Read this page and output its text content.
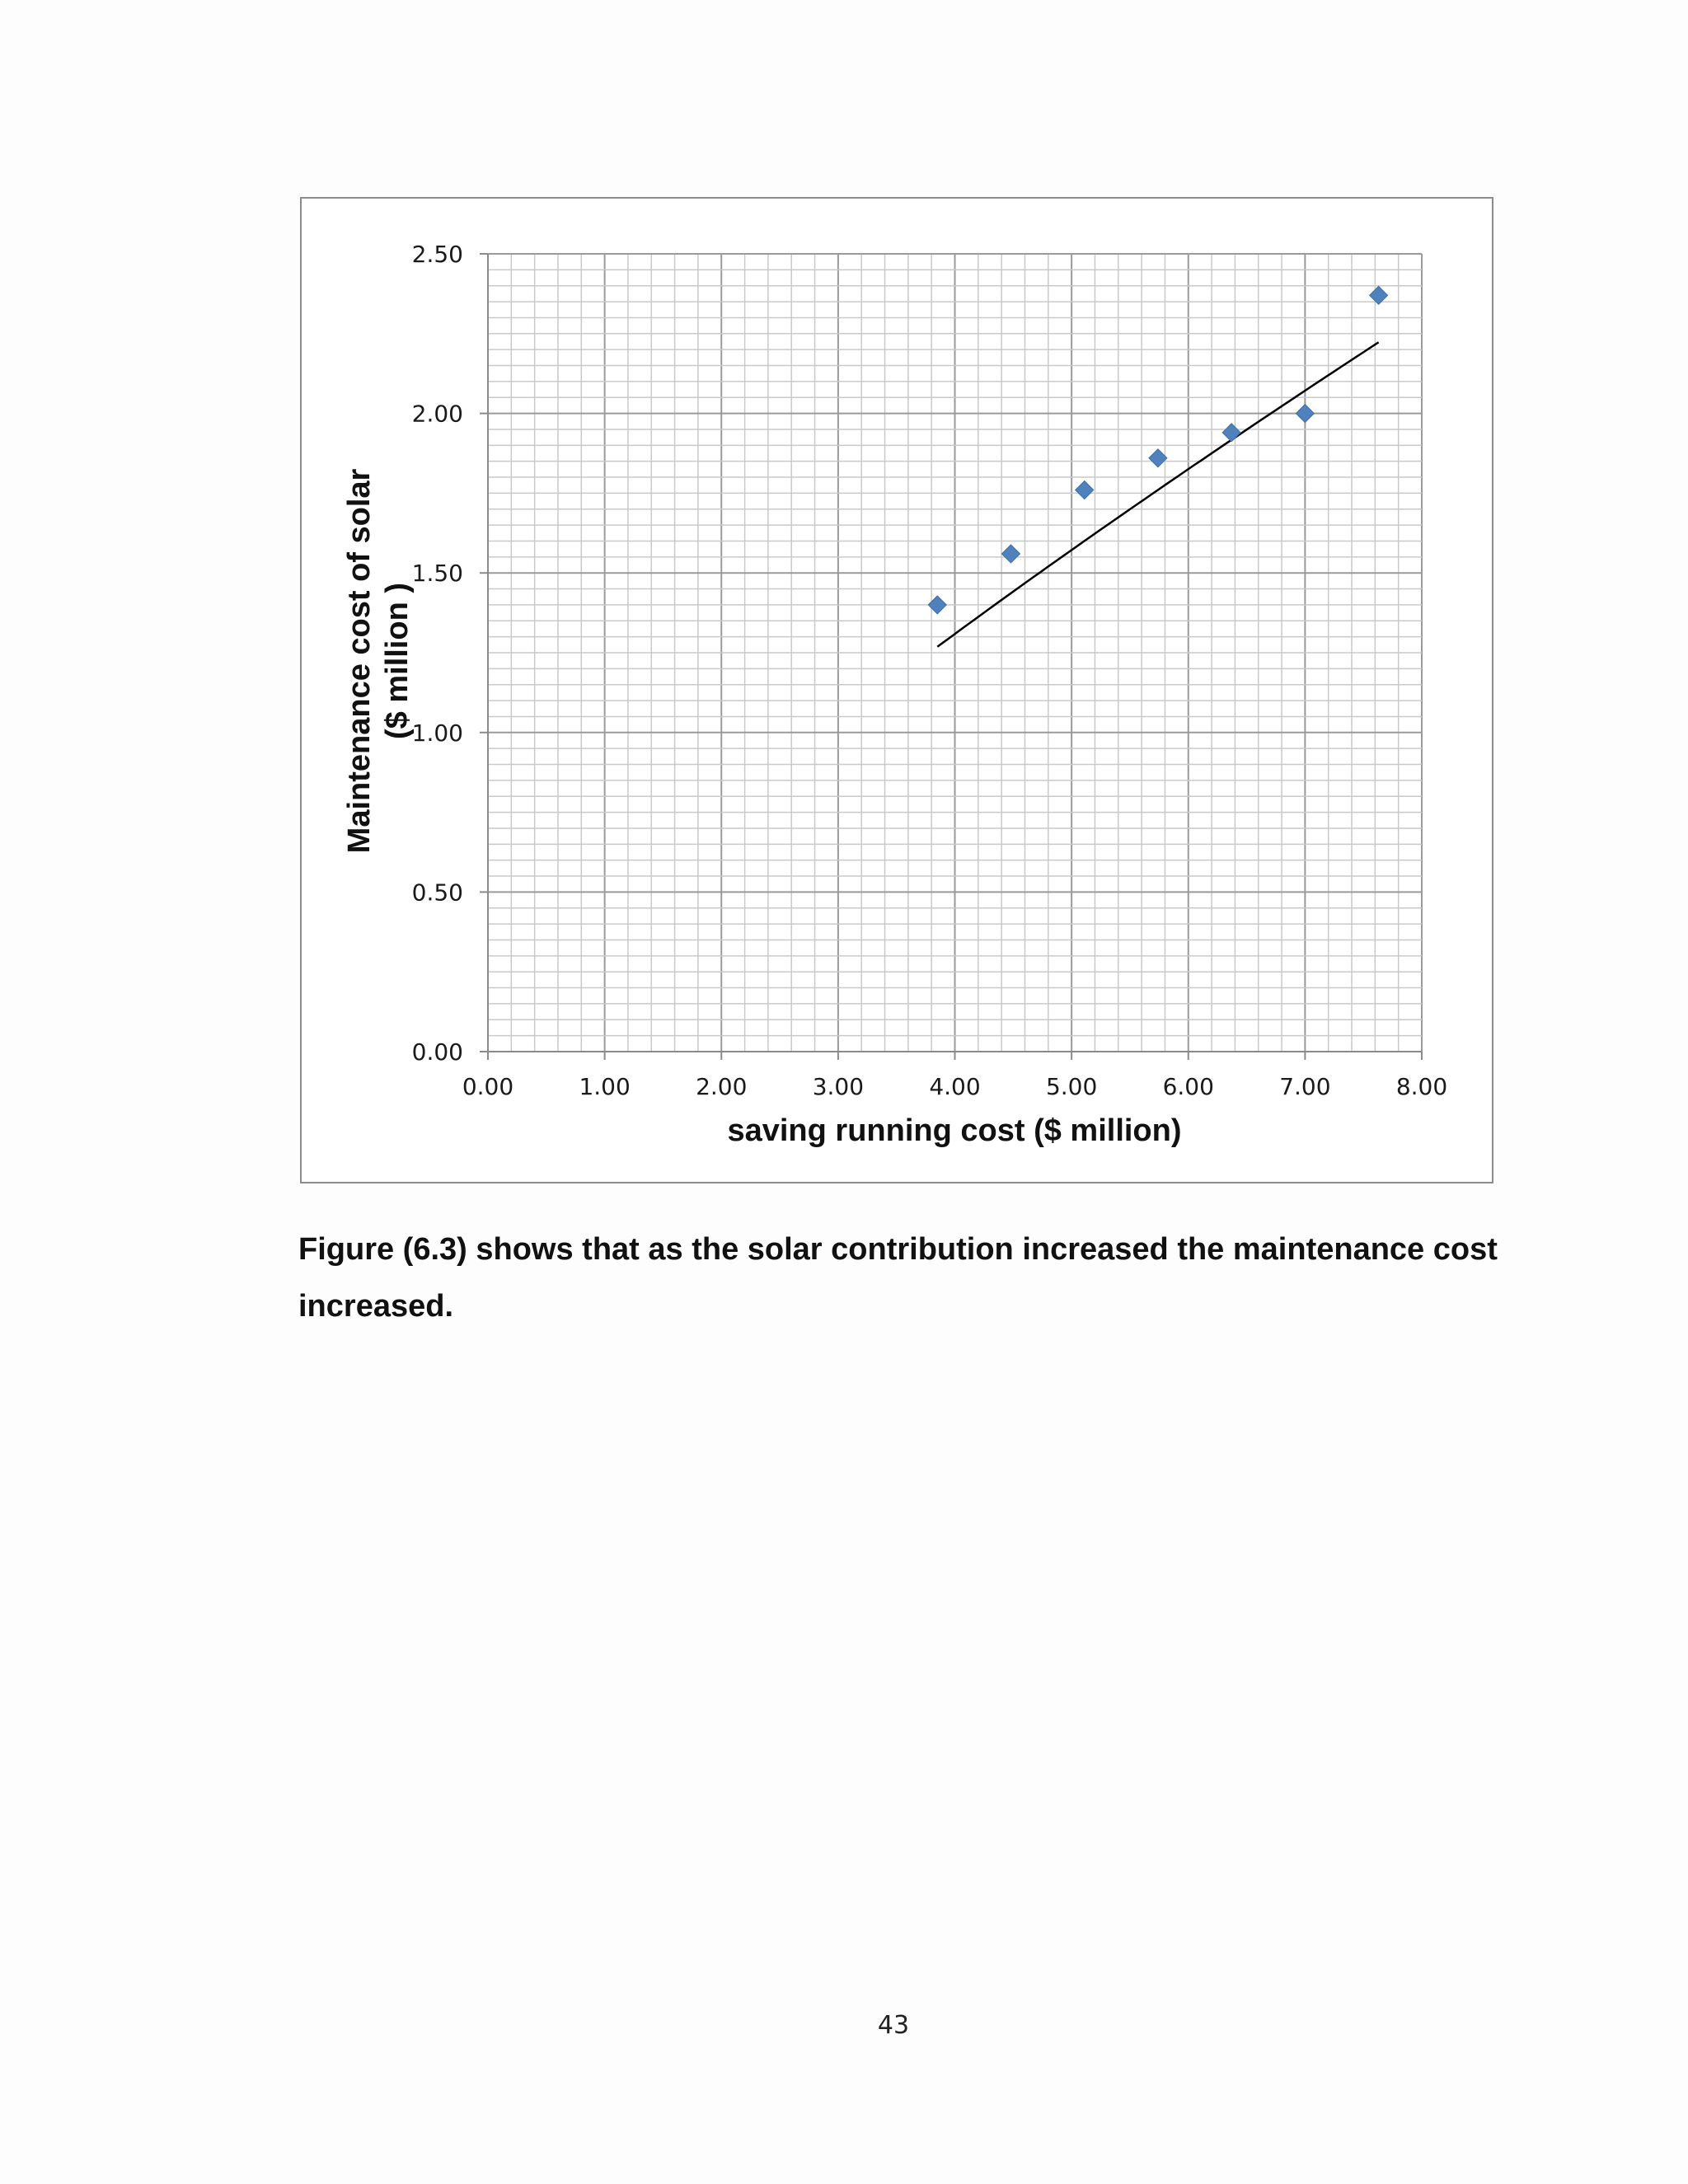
0.00	1.00	2.00	3.00	4.00	5.00	6.00	7.00	8.00
0.00
0.50
1.00
1.50
2.00
2.50
saving running cost ($ million)
Maintenance cost of solar ($ million )
Figure (6.3) shows that as the solar contribution increased the maintenance cost increased.
43
